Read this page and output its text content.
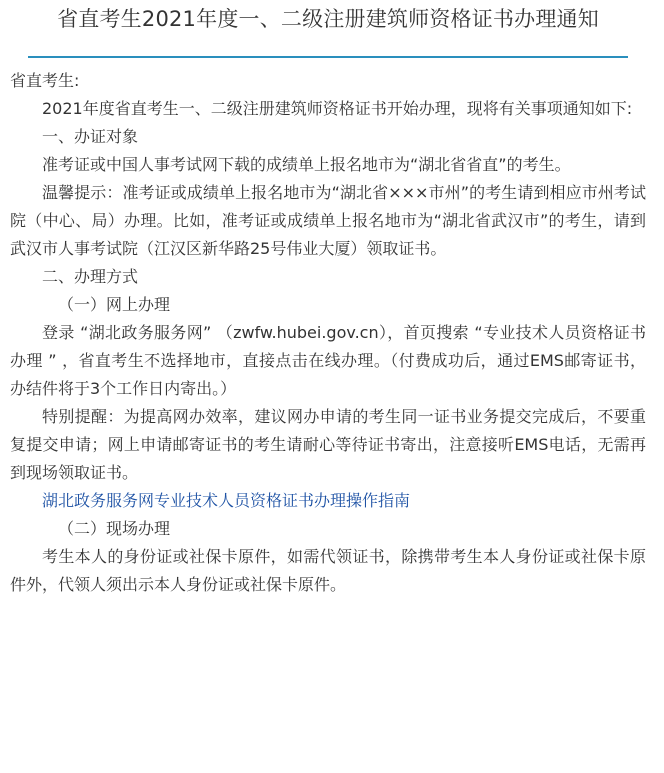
省直考生2021年度一、二级注册建筑师资格证书办理通知

省直考生:

2021年度省直考生一、二级注册建筑师资格证书开始办理，现将有关事项通知如下:

一、办证对象

准考证或中国人事考试网下载的成绩单上报名地市为“湖北省省直”的考生。

温馨提示：准考证或成绩单上报名地市为“湖北省×××市州”的考生请到相应市州考试院（中心、局）办理。比如，准考证或成绩单上报名地市为“湖北省武汉市”的考生，请到武汉市人事考试院（江汉区新华路25号伟业大厦）领取证书。

二、办理方式

（一）网上办理

登录 “湖北政务服务网” （zwfw.hubei.gov.cn），首页搜索 “专业技术人员资格证书办理 ” ，省直考生不选择地市，直接点击在线办理。（付费成功后，通过EMS邮寄证书，办结件将于3个工作日内寄出。）

特别提醒：为提高网办效率，建议网办申请的考生同一证书业务提交完成后，不要重复提交申请；网上申请邮寄证书的考生请耐心等待证书寄出，注意接听EMS电话，无需再到现场领取证书。

湖北政务服务网专业技术人员资格证书办理操作指南

（二）现场办理

考生本人的身份证或社保卡原件，如需代领证书，除携带考生本人身份证或社保卡原件外，代领人须出示本人身份证或社保卡原件。
